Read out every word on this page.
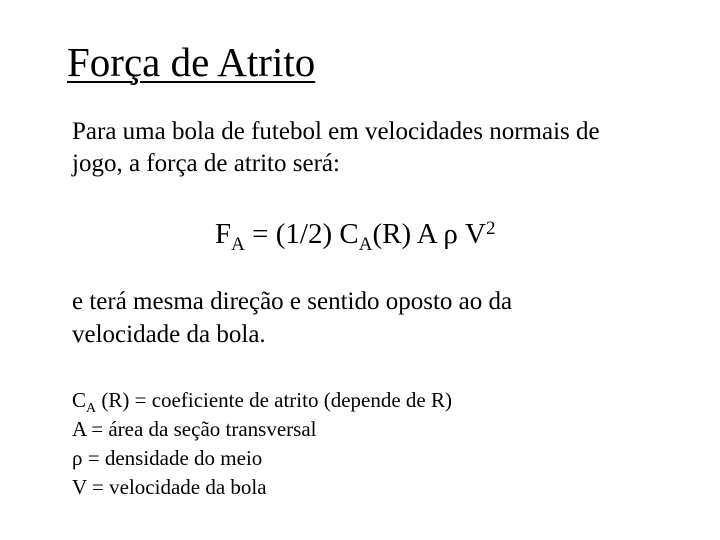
Força de Atrito
Para uma bola de futebol em velocidades normais de
jogo, a força de atrito será:
$F_A = (1/2)$ $C_A(R)$ A ρ $V^2$
e terá mesma direção e sentido oposto ao da
velocidade da bola.
$C_A$ (R) = coeficiente de atrito (depende de R)
A = área da seção transversal
ρ = densidade do meio
V = velocidade da bola
